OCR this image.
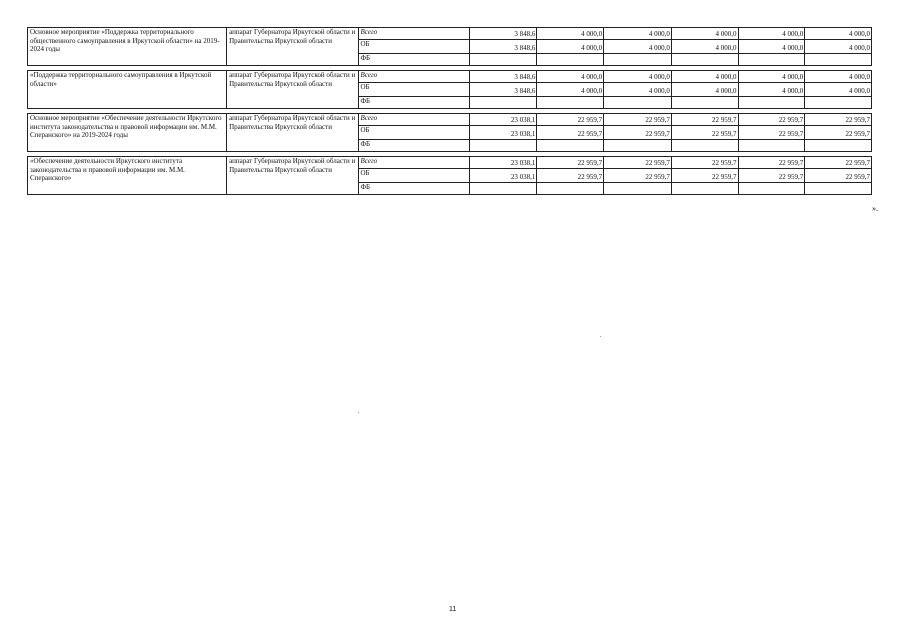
Основное мероприятие «Поддержка территориального общественного самоуправления в Иркутской области» на 2019-2024 годы	аппарат Губернатора Иркутской области и Правительства Иркутской области	Всего	3 848,6	4 000,0	4 000,0	4 000,0	4 000,0	4 000,0
		ОБ	3 848,6	4 000,0	4 000,0	4 000,0	4 000,0	4 000,0
		ФБ						

«Поддержка территориального самоуправления в Иркутской области»	аппарат Губернатора Иркутской области и Правительства Иркутской области	Всего	3 848,6	4 000,0	4 000,0	4 000,0	4 000,0	4 000,0
		ОБ	3 848,6	4 000,0	4 000,0	4 000,0	4 000,0	4 000,0
		ФБ						

Основное мероприятие «Обеспечение деятельности Иркутского института законодательства и правовой информации им. М.М. Сперанского» на 2019-2024 годы	аппарат Губернатора Иркутской области и Правительства Иркутской области	Всего	23 038,1	22 959,7	22 959,7	22 959,7	22 959,7	22 959,7
		ОБ	23 038,1	22 959,7	22 959,7	22 959,7	22 959,7	22 959,7
		ФБ						

«Обеспечение деятельности Иркутского института законодательства и правовой информации им. М.М. Сперанского»	аппарат Губернатора Иркутской области и Правительства Иркутской области	Всего	23 038,1	22 959,7	22 959,7	22 959,7	22 959,7	22 959,7
		ОБ	23 038,1	22 959,7	22 959,7	22 959,7	22 959,7	22 959,7
		ФБ						
».
11
